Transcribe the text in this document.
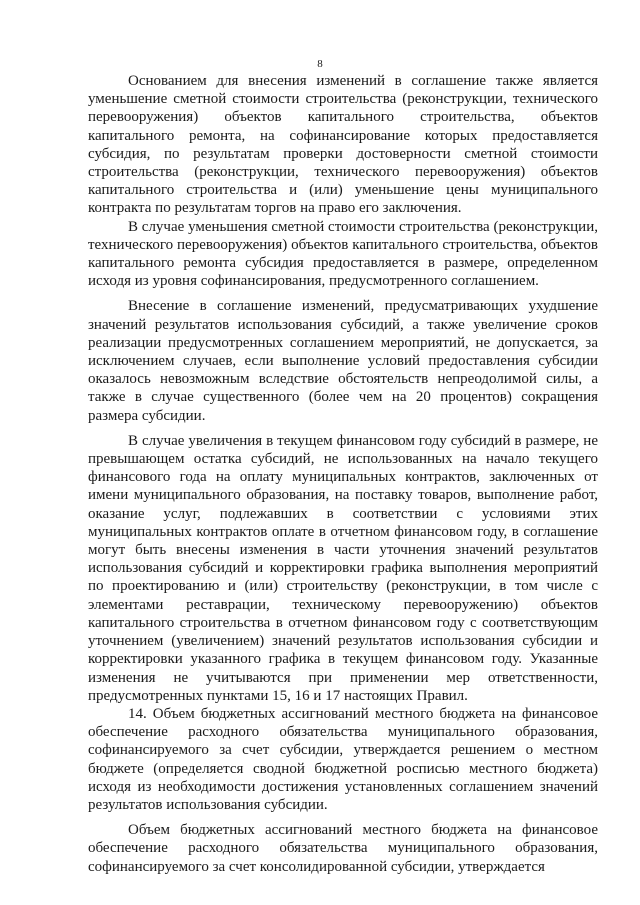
8

Основанием для внесения изменений в соглашение также является уменьшение сметной стоимости строительства (реконструкции, технического перевооружения) объектов капитального строительства, объектов капитального ремонта, на софинансирование которых предоставляется субсидия, по результатам проверки достоверности сметной стоимости строительства (реконструкции, технического перевооружения) объектов капитального строительства и (или) уменьшение цены муниципального контракта по результатам торгов на право его заключения.

В случае уменьшения сметной стоимости строительства (реконструкции, технического перевооружения) объектов капитального строительства, объектов капитального ремонта субсидия предоставляется в размере, определенном исходя из уровня софинансирования, предусмотренного соглашением.

Внесение в соглашение изменений, предусматривающих ухудшение значений результатов использования субсидий, а также увеличение сроков реализации предусмотренных соглашением мероприятий, не допускается, за исключением случаев, если выполнение условий предоставления субсидии оказалось невозможным вследствие обстоятельств непреодолимой силы, а также в случае существенного (более чем на 20 процентов) сокращения размера субсидии.

В случае увеличения в текущем финансовом году субсидий в размере, не превышающем остатка субсидий, не использованных на начало текущего финансового года на оплату муниципальных контрактов, заключенных от имени муниципального образования, на поставку товаров, выполнение работ, оказание услуг, подлежавших в соответствии с условиями этих муниципальных контрактов оплате в отчетном финансовом году, в соглашение могут быть внесены изменения в части уточнения значений результатов использования субсидий и корректировки графика выполнения мероприятий по проектированию и (или) строительству (реконструкции, в том числе с элементами реставрации, техническому перевооружению) объектов капитального строительства в отчетном финансовом году с соответствующим уточнением (увеличением) значений результатов использования субсидии и корректировки указанного графика в текущем финансовом году. Указанные изменения не учитываются при применении мер ответственности, предусмотренных пунктами 15, 16 и 17 настоящих Правил.

14. Объем бюджетных ассигнований местного бюджета на финансовое обеспечение расходного обязательства муниципального образования, софинансируемого за счет субсидии, утверждается решением о местном бюджете (определяется сводной бюджетной росписью местного бюджета) исходя из необходимости достижения установленных соглашением значений результатов использования субсидии.

Объем бюджетных ассигнований местного бюджета на финансовое обеспечение расходного обязательства муниципального образования, софинансируемого за счет консолидированной субсидии, утверждается
